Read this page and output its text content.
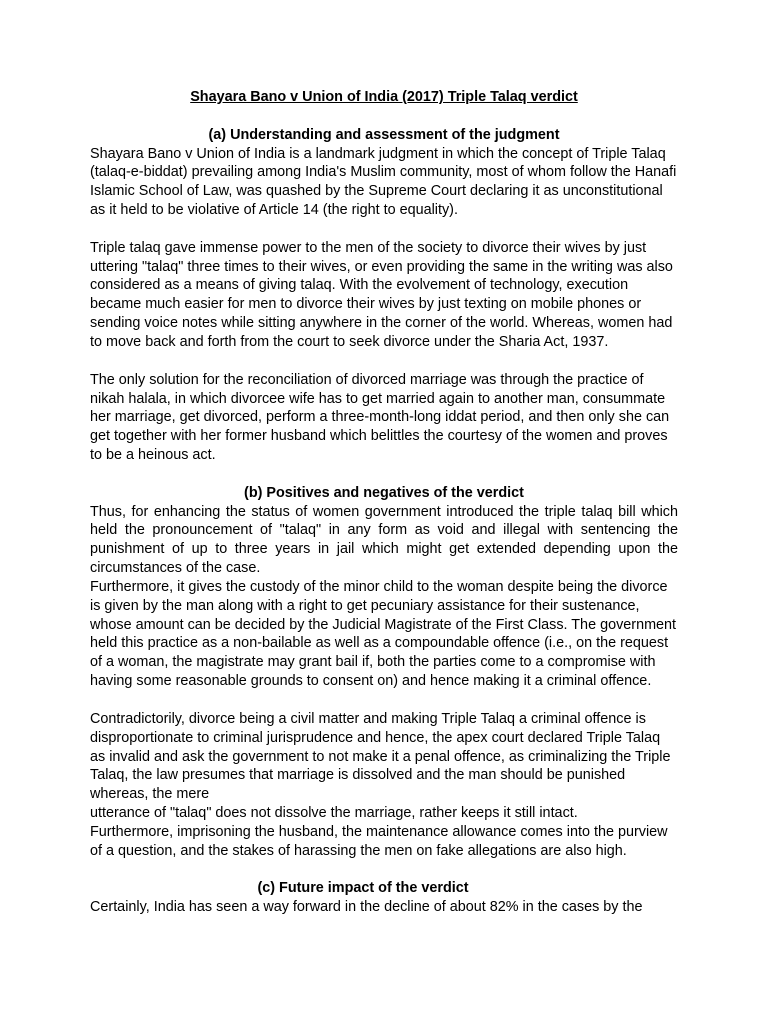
Shayara Bano v Union of India (2017) Triple Talaq verdict

(a) Understanding and assessment of the judgment

Shayara Bano v Union of India is a landmark judgment in which the concept of Triple Talaq (talaq-e-biddat) prevailing among India's Muslim community, most of whom follow the Hanafi Islamic School of Law, was quashed by the Supreme Court declaring it as unconstitutional as it held to be violative of Article 14 (the right to equality).

Triple talaq gave immense power to the men of the society to divorce their wives by just uttering "talaq" three times to their wives, or even providing the same in the writing was also considered as a means of giving talaq. With the evolvement of technology, execution became much easier for men to divorce their wives by just texting on mobile phones or sending voice notes while sitting anywhere in the corner of the world. Whereas, women had to move back and forth from the court to seek divorce under the Sharia Act, 1937.

The only solution for the reconciliation of divorced marriage was through the practice of nikah halala, in which divorcee wife has to get married again to another man, consummate her marriage, get divorced, perform a three-month-long iddat period, and then only she can get together with her former husband which belittles the courtesy of the women and proves to be a heinous act.

(b) Positives and negatives of the verdict

Thus, for enhancing the status of women government introduced the triple talaq bill which held the pronouncement of "talaq" in any form as void and illegal with sentencing the punishment of up to three years in jail which might get extended depending upon the circumstances of the case.

Furthermore, it gives the custody of the minor child to the woman despite being the divorce is given by the man along with a right to get pecuniary assistance for their sustenance, whose amount can be decided by the Judicial Magistrate of the First Class. The government held this practice as a non-bailable as well as a compoundable offence (i.e., on the request of a woman, the magistrate may grant bail if, both the parties come to a compromise with having some reasonable grounds to consent on) and hence making it a criminal offence.

Contradictorily, divorce being a civil matter and making Triple Talaq a criminal offence is disproportionate to criminal jurisprudence and hence, the apex court declared Triple Talaq as invalid and ask the government to not make it a penal offence, as criminalizing the Triple Talaq, the law presumes that marriage is dissolved and the man should be punished whereas, the mere
utterance of "talaq" does not dissolve the marriage, rather keeps it still intact.

Furthermore, imprisoning the husband, the maintenance allowance comes into the purview of a question, and the stakes of harassing the men on fake allegations are also high.

(c) Future impact of the verdict

Certainly, India has seen a way forward in the decline of about 82% in the cases by the
